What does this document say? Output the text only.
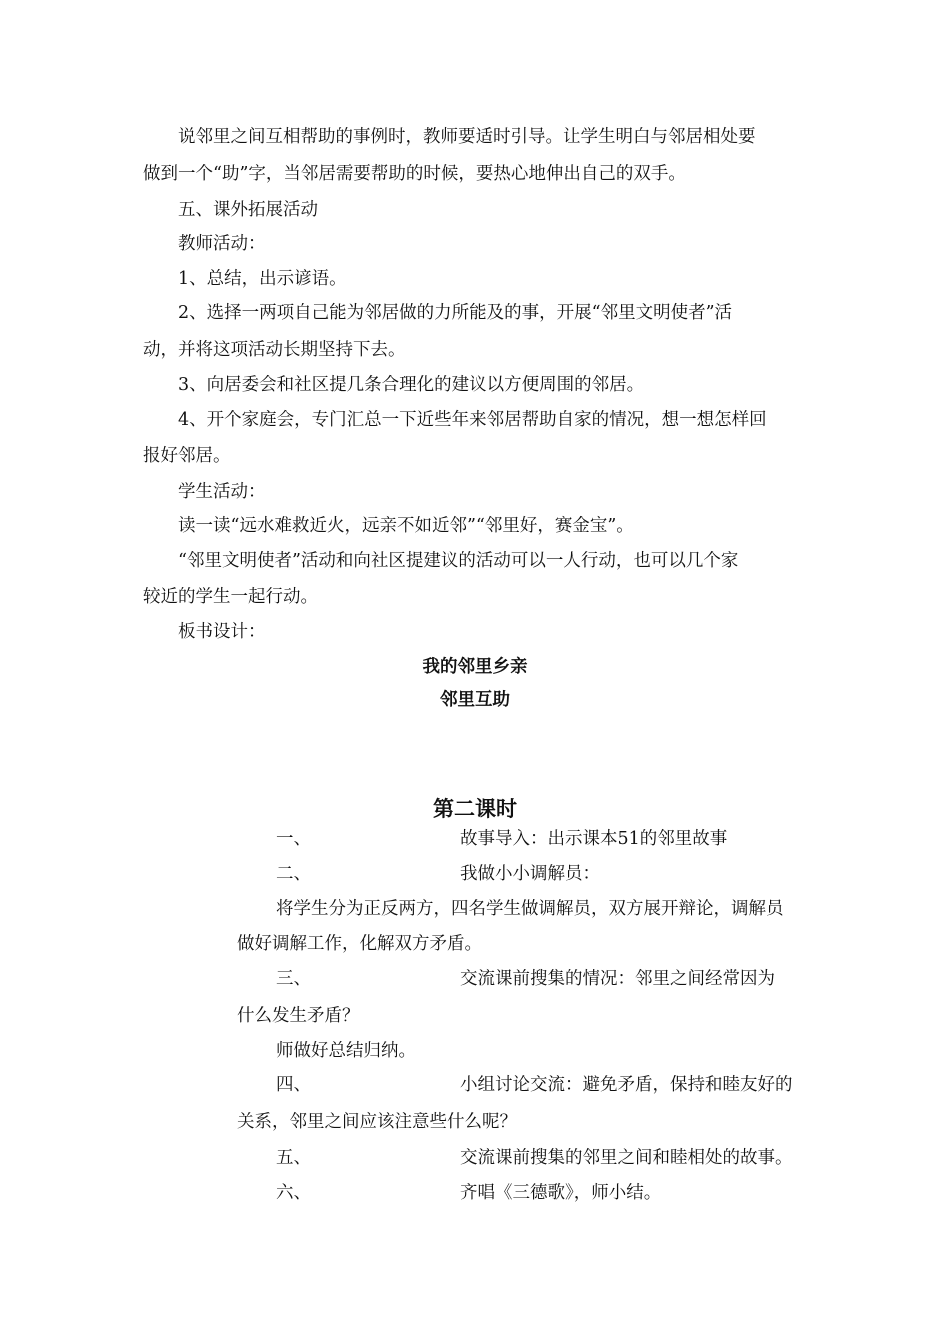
说邻里之间互相帮助的事例时，教师要适时引导。让学生明白与邻居相处要
做到一个“助”字，当邻居需要帮助的时候，要热心地伸出自己的双手。
五、课外拓展活动
教师活动：
1、总结，出示谚语。
2、选择一两项自己能为邻居做的力所能及的事，开展“邻里文明使者”活
动，并将这项活动长期坚持下去。
3、向居委会和社区提几条合理化的建议以方便周围的邻居。
4、开个家庭会，专门汇总一下近些年来邻居帮助自家的情况，想一想怎样回
报好邻居。
学生活动：
读一读“远水难救近火，远亲不如近邻”“邻里好，赛金宝”。
“邻里文明使者”活动和向社区提建议的活动可以一人行动，也可以几个家
较近的学生一起行动。
板书设计：
我的邻里乡亲
邻里互助
第二课时
一、	故事导入：出示课本51的邻里故事
二、	我做小小调解员：
将学生分为正反两方，四名学生做调解员，双方展开辩论，调解员
做好调解工作，化解双方矛盾。
三、	交流课前搜集的情况：邻里之间经常因为
什么发生矛盾？
师做好总结归纳。
四、	小组讨论交流：避免矛盾，保持和睦友好的
关系，邻里之间应该注意些什么呢？
五、	交流课前搜集的邻里之间和睦相处的故事。
六、	齐唱《三德歌》，师小结。
